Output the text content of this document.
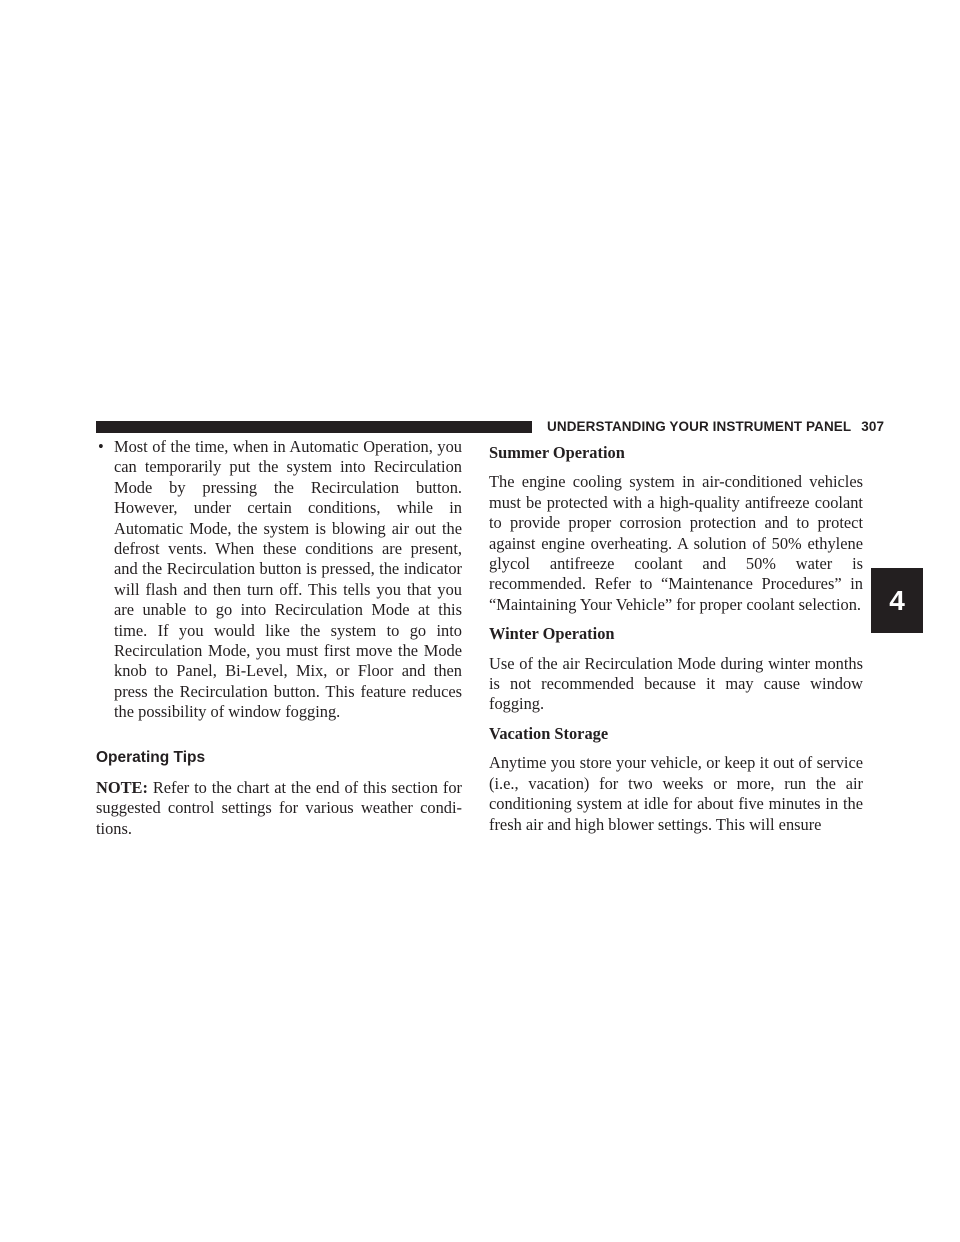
UNDERSTANDING YOUR INSTRUMENT PANEL 307
4

• Most of the time, when in Automatic Operation, you can temporarily put the system into Recirculation Mode by pressing the Recirculation button. However, under certain conditions, while in Automatic Mode, the system is blowing air out the defrost vents. When these conditions are present, and the Recirculation button is pressed, the indicator will flash and then turn off. This tells you that you are unable to go into Recirculation Mode at this time. If you would like the system to go into Recirculation Mode, you must first move the Mode knob to Panel, Bi-Level, Mix, or Floor and then press the Recirculation button. This feature reduces the possibility of window fogging.

Operating Tips

NOTE: Refer to the chart at the end of this section for suggested control settings for various weather condi-tions.

Summer Operation

The engine cooling system in air-conditioned vehicles must be protected with a high-quality antifreeze coolant to provide proper corrosion protection and to protect against engine overheating. A solution of 50% ethylene glycol antifreeze coolant and 50% water is recommended. Refer to “Maintenance Procedures” in “Maintaining Your Vehicle” for proper coolant selection.

Winter Operation

Use of the air Recirculation Mode during winter months is not recommended because it may cause window fogging.

Vacation Storage

Anytime you store your vehicle, or keep it out of service (i.e., vacation) for two weeks or more, run the air conditioning system at idle for about five minutes in the fresh air and high blower settings. This will ensure
